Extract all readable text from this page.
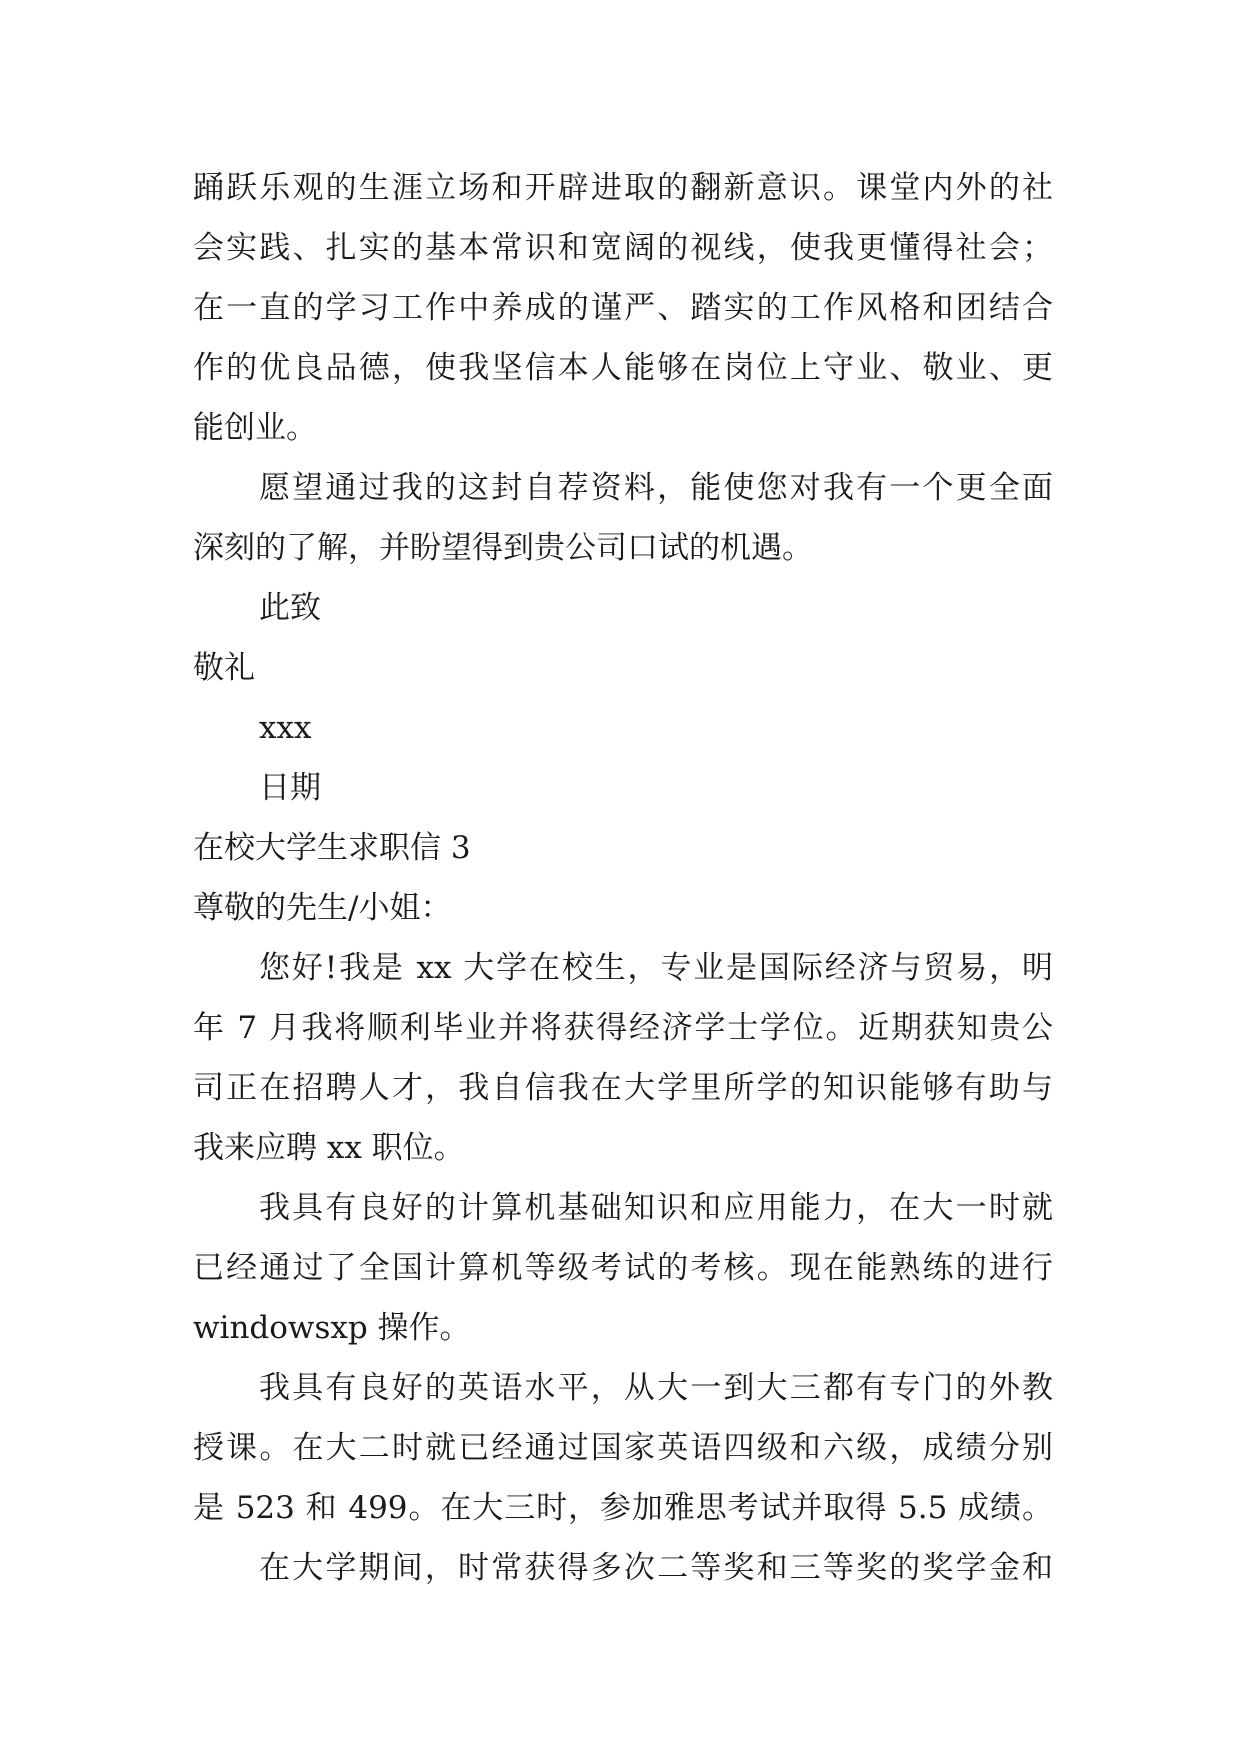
踊跃乐观的生涯立场和开辟进取的翻新意识。课堂内外的社
会实践、扎实的基本常识和宽阔的视线，使我更懂得社会；
在一直的学习工作中养成的谨严、踏实的工作风格和团结合
作的优良品德，使我坚信本人能够在岗位上守业、敬业、更
能创业。
愿望通过我的这封自荐资料，能使您对我有一个更全面
深刻的了解，并盼望得到贵公司口试的机遇。
此致
敬礼
xxx
日期
在校大学生求职信 3
尊敬的先生/小姐：
您好!我是 xx 大学在校生，专业是国际经济与贸易，明
年 7 月我将顺利毕业并将获得经济学士学位。近期获知贵公
司正在招聘人才，我自信我在大学里所学的知识能够有助与
我来应聘 xx 职位。
我具有良好的计算机基础知识和应用能力，在大一时就
已经通过了全国计算机等级考试的考核。现在能熟练的进行
windowsxp 操作。
我具有良好的英语水平，从大一到大三都有专门的外教
授课。在大二时就已经通过国家英语四级和六级，成绩分别
是 523 和 499。在大三时，参加雅思考试并取得 5.5 成绩。
在大学期间，时常获得多次二等奖和三等奖的奖学金和
